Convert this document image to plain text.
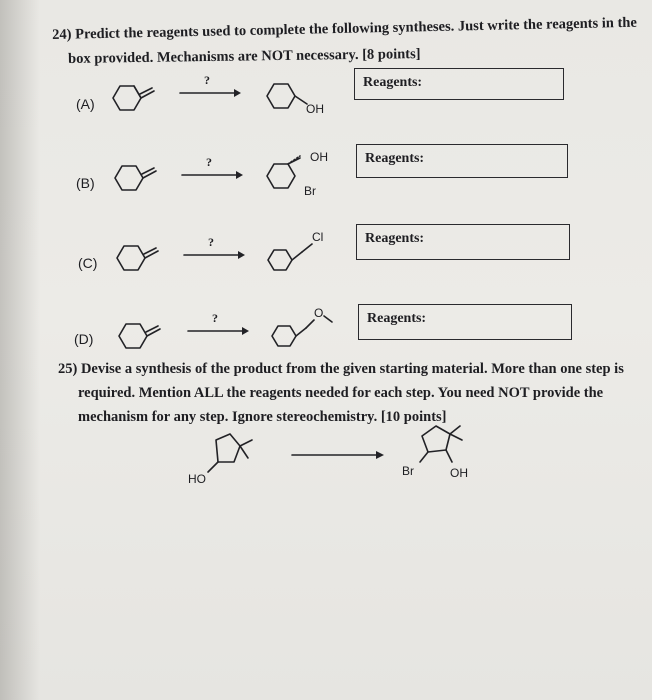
24) Predict the reagents used to complete the following syntheses. Just write the reagents in the
box provided. Mechanisms are NOT necessary. [8 points]
(A)
?
OH
Reagents:
(B)
?	OH
Br
Reagents:
(C)
?	Cl	Reagents:
?	O	Reagents:
(D)
25) Devise a synthesis of the product from the given starting material. More than one step is
required. Mention ALL the reagents needed for each step. You need NOT provide the
mechanism for any step. Ignore stereochemistry. [10 points]
HO
Br	OH
